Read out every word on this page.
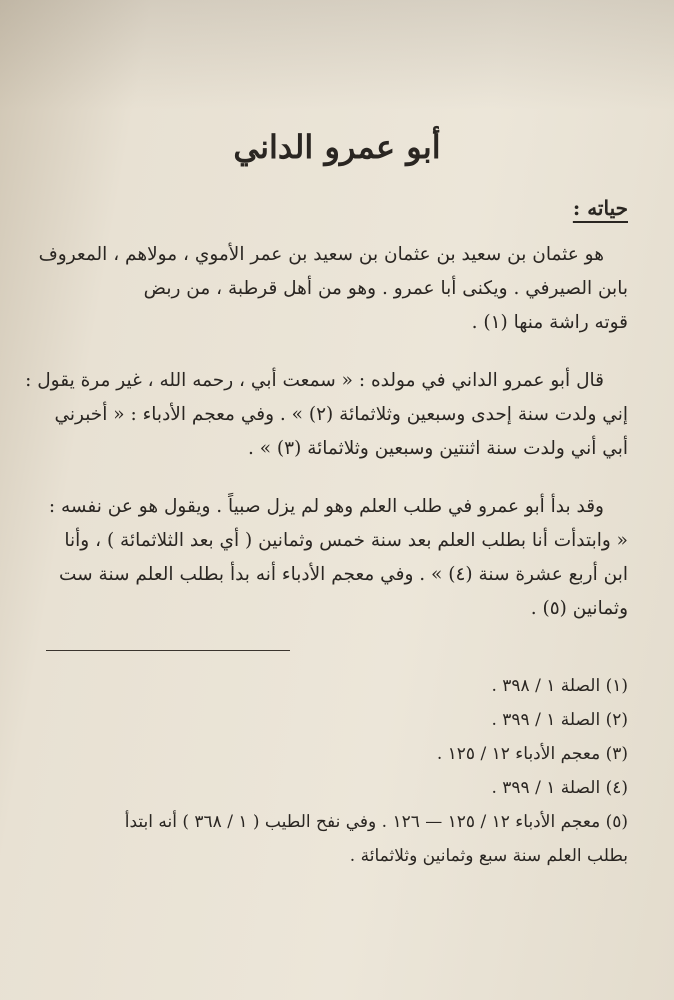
أبو عمرو الداني
حياته :
هو عثمان بن سعيد بن عثمان بن سعيد بن عمر الأموي ، مولاهم ، المعروف
بابن الصيرفي . ويكنى أبا عمرو . وهو من أهل قرطبة ، من ربض
قوته راشة منها (١) .
قال أبو عمرو الداني في مولده : « سمعت أبي ، رحمه الله ، غير مرة يقول :
إني ولدت سنة إحدى وسبعين وثلاثمائة (٢) » . وفي معجم الأدباء : « أخبرني
أبي أني ولدت سنة اثنتين وسبعين وثلاثمائة (٣) » .
وقد بدأ أبو عمرو في طلب العلم وهو لم يزل صبياً . ويقول هو عن نفسه :
« وابتدأت أنا بطلب العلم بعد سنة خمس وثمانين ( أي بعد الثلاثمائة ) ، وأنا
ابن أربع عشرة سنة (٤) » . وفي معجم الأدباء أنه بدأ بطلب العلم سنة ست
وثمانين (٥) .
(١) الصلة ١ / ٣٩٨ .
(٢) الصلة ١ / ٣٩٩ .
(٣) معجم الأدباء ١٢ / ١٢٥ .
(٤) الصلة ١ / ٣٩٩ .
(٥) معجم الأدباء ١٢ / ١٢٥ — ١٢٦ . وفي نفح الطيب ( ١ / ٣٦٨ ) أنه ابتدأ
بطلب العلم سنة سبع وثمانين وثلاثمائة .
